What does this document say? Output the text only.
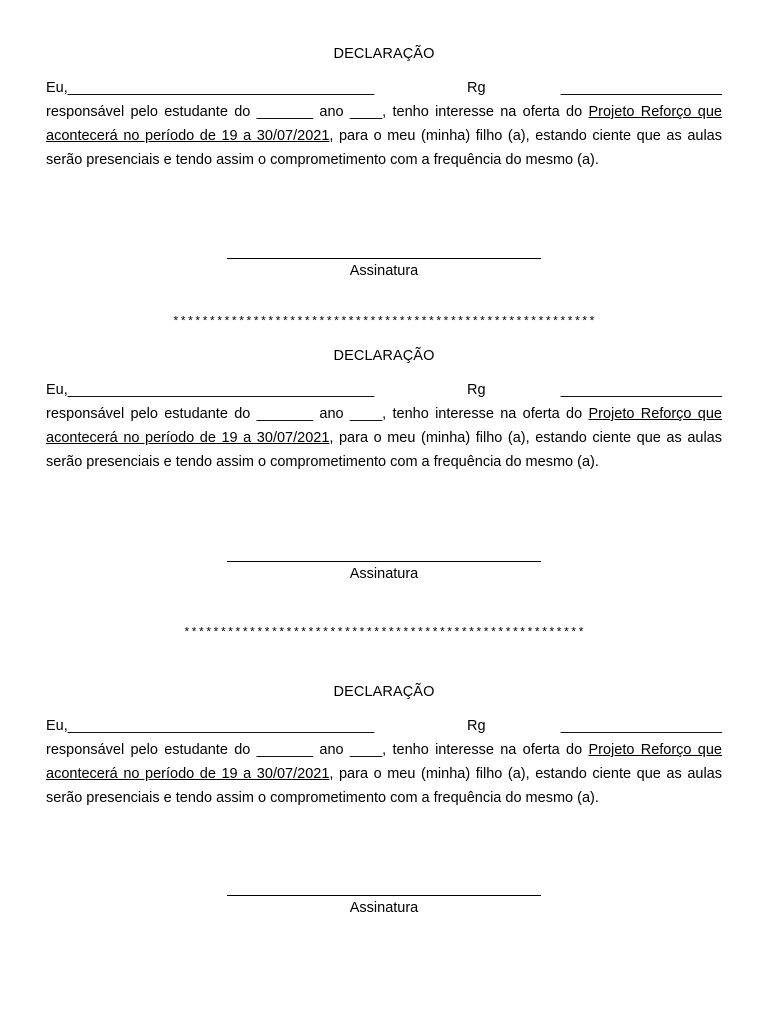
DECLARAÇÃO
Eu,______________________________________	Rg	____________________

responsável pelo estudante do _______ ano ____, tenho interesse na oferta do Projeto Reforço que acontecerá no período de 19 a 30/07/2021, para o meu (minha) filho (a), estando ciente que as aulas serão presenciais e tendo assim o comprometimento com a frequência do mesmo (a).

Assinatura
**********************************************************
DECLARAÇÃO
Eu,______________________________________	Rg	____________________

responsável pelo estudante do _______ ano ____, tenho interesse na oferta do Projeto Reforço que acontecerá no período de 19 a 30/07/2021, para o meu (minha) filho (a), estando ciente que as aulas serão presenciais e tendo assim o comprometimento com a frequência do mesmo (a).

Assinatura
*******************************************************
DECLARAÇÃO
Eu,______________________________________	Rg	____________________

responsável pelo estudante do _______ ano ____, tenho interesse na oferta do Projeto Reforço que acontecerá no período de 19 a 30/07/2021, para o meu (minha) filho (a), estando ciente que as aulas serão presenciais e tendo assim o comprometimento com a frequência do mesmo (a).

Assinatura
